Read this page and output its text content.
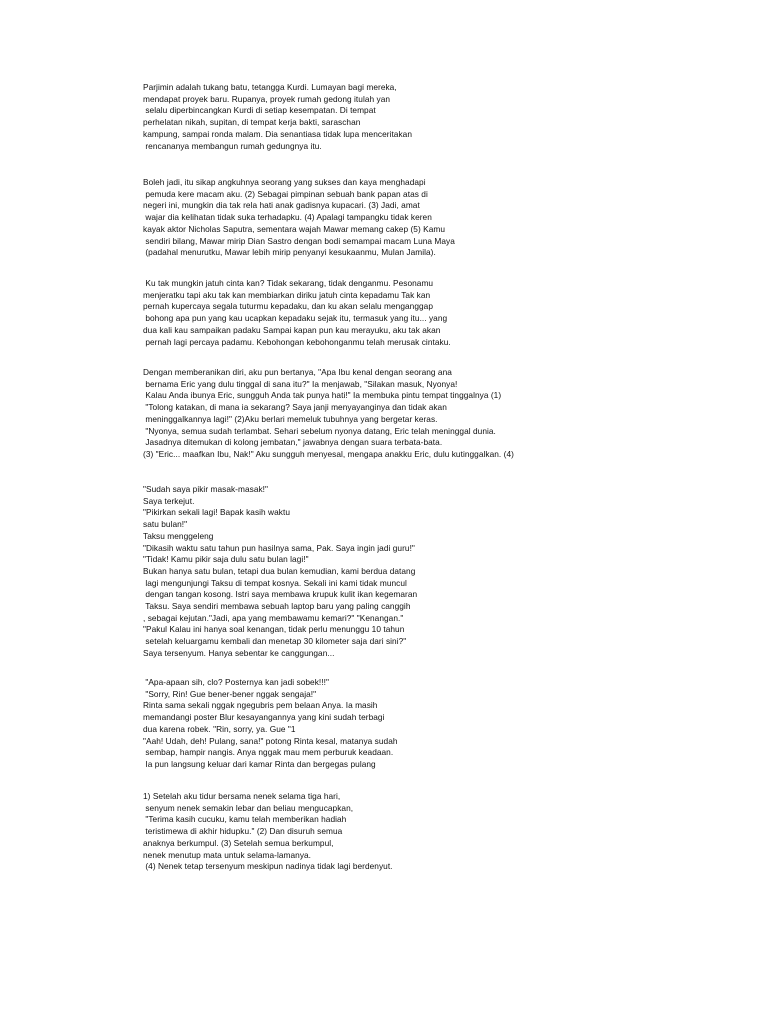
Parjimin adalah tukang batu, tetangga Kurdi. Lumayan bagi mereka,
mendapat proyek baru. Rupanya, proyek rumah gedong itulah yan
selalu diperbincangkan Kurdi di setiap kesempatan. Di tempat
perhelatan nikah, supitan, di tempat kerja bakti, saraschan
kampung, sampai ronda malam. Dia senantiasa tidak lupa menceritakan
rencananya membangun rumah gedungnya itu.
Boleh jadi, itu sikap angkuhnya seorang yang sukses dan kaya menghadapi
pemuda kere macam aku. (2) Sebagai pimpinan sebuah bank papan atas di
negeri ini, mungkin dia tak rela hati anak gadisnya kupacari. (3) Jadi, amat
wajar dia kelihatan tidak suka terhadapku. (4) Apalagi tampangku tidak keren
kayak aktor Nicholas Saputra, sementara wajah Mawar memang cakep (5) Kamu
sendiri bilang, Mawar mirip Dian Sastro dengan bodi semampai macam Luna Maya
(padahal menurutku, Mawar lebih mirip penyanyi kesukaanmu, Mulan Jamila).
Ku tak mungkin jatuh cinta kan? Tidak sekarang, tidak denganmu. Pesonamu
menjeratku tapi aku tak kan membiarkan diriku jatuh cinta kepadamu Tak kan
pernah kupercaya segala tuturmu kepadaku, dan ku akan selalu menganggap
bohong apa pun yang kau ucapkan kepadaku sejak itu, termasuk yang itu... yang
dua kali kau sampaikan padaku Sampai kapan pun kau merayuku, aku tak akan
pernah lagi percaya padamu. Kebohongan kebohonganmu telah merusak cintaku.
Dengan memberanikan diri, aku pun bertanya, "Apa Ibu kenal dengan seorang ana
bernama Eric yang dulu tinggal di sana itu?" Ia menjawab, "Silakan masuk, Nyonya!
Kalau Anda ibunya Eric, sungguh Anda tak punya hati!" Ia membuka pintu tempat tinggalnya (1)
"Tolong katakan, di mana ia sekarang? Saya janji menyayanginya dan tidak akan
meninggalkannya lagi!" (2)Aku berlari memeluk tubuhnya yang bergetar keras.
"Nyonya, semua sudah terlambat. Sehari sebelum nyonya datang, Eric telah meninggal dunia.
Jasadnya ditemukan di kolong jembatan," jawabnya dengan suara terbata-bata.
(3) "Eric... maafkan Ibu, Nak!" Aku sungguh menyesal, mengapa anakku Eric, dulu kutinggalkan. (4)
"Sudah saya pikir masak-masak!"
Saya terkejut.
"Pikirkan sekali lagi! Bapak kasih waktu
satu bulan!"
Taksu menggeleng
"Dikasih waktu satu tahun pun hasilnya sama, Pak. Saya ingin jadi guru!"
"Tidak! Kamu pikir saja dulu satu bulan lagi!"
Bukan hanya satu bulan, tetapi dua bulan kemudian, kami berdua datang
lagi mengunjungi Taksu di tempat kosnya. Sekali ini kami tidak muncul
dengan tangan kosong. Istri saya membawa krupuk kulit ikan kegemaran
Taksu. Saya sendiri membawa sebuah laptop baru yang paling canggih
, sebagai kejutan."Jadi, apa yang membawamu kemari?" "Kenangan."
"Pakul Kalau ini hanya soal kenangan, tidak perlu menunggu 10 tahun
setelah keluargamu kembali dan menetap 30 kilometer saja dari sini?"
Saya tersenyum. Hanya sebentar ke canggungan...
"Apa-apaan sih, clo? Posternya kan jadi sobek!!!"
"Sorry, Rin! Gue bener-bener nggak sengaja!"
Rinta sama sekali nggak ngegubris pem belaan Anya. Ia masih
memandangi poster Blur kesayangannya yang kini sudah terbagi
dua karena robek. "Rin, sorry, ya. Gue "1
"Aah! Udah, deh! Pulang, sana!" potong Rinta kesal, matanya sudah
sembap, hampir nangis. Anya nggak mau mem perburuk keadaan.
Ia pun langsung keluar dari kamar Rinta dan bergegas pulang
1) Setelah aku tidur bersama nenek selama tiga hari,
senyum nenek semakin lebar dan beliau mengucapkan,
"Terima kasih cucuku, kamu telah memberikan hadiah
teristimewa di akhir hidupku." (2) Dan disuruh semua
anaknya berkumpul. (3) Setelah semua berkumpul,
nenek menutup mata untuk selama-lamanya.
(4) Nenek tetap tersenyum meskipun nadinya tidak lagi berdenyut.
